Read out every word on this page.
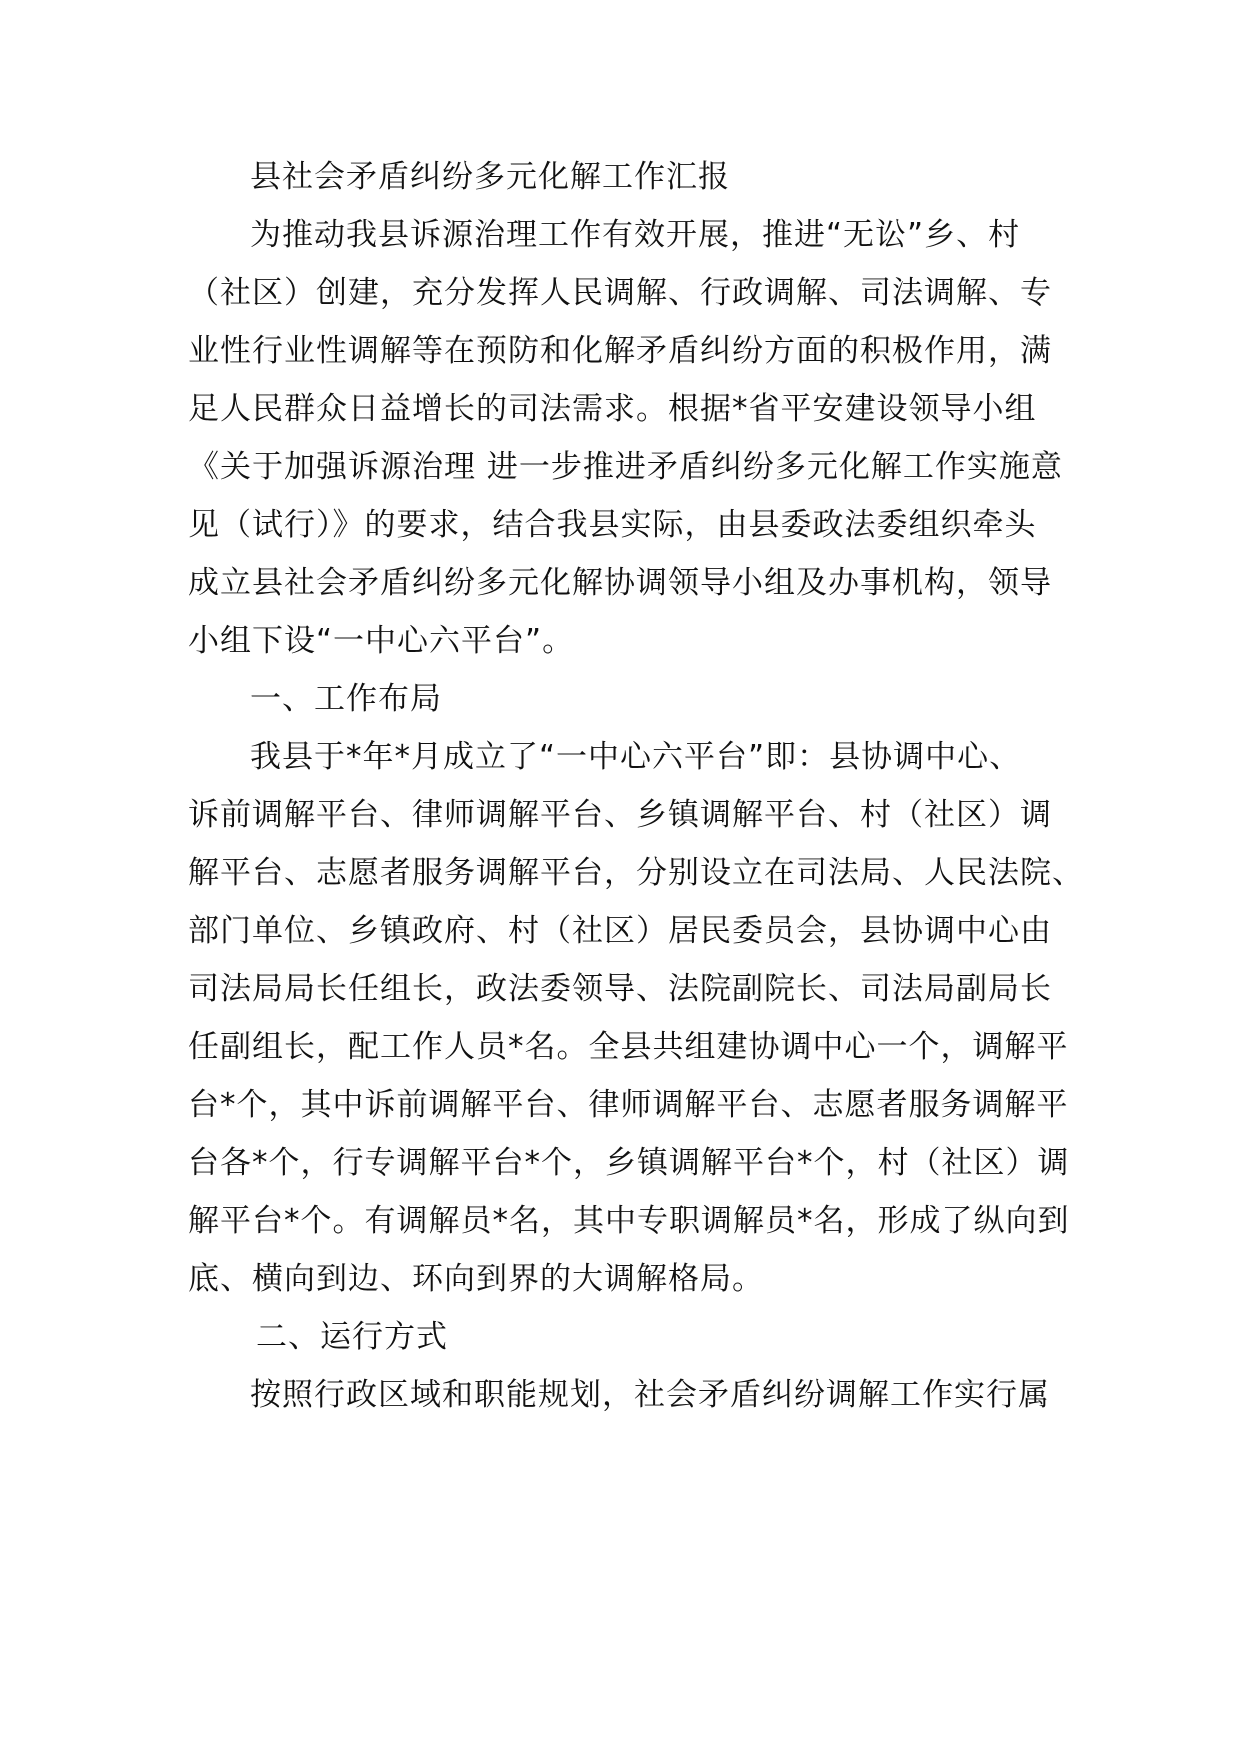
县社会矛盾纠纷多元化解工作汇报
为推动我县诉源治理工作有效开展，推进“无讼”乡、村
（社区）创建，充分发挥人民调解、行政调解、司法调解、专
业性行业性调解等在预防和化解矛盾纠纷方面的积极作用，满
足人民群众日益增长的司法需求。根据*省平安建设领导小组
《关于加强诉源治理 进一步推进矛盾纠纷多元化解工作实施意
见（试行）》的要求，结合我县实际，由县委政法委组织牵头
成立县社会矛盾纠纷多元化解协调领导小组及办事机构，领导
小组下设“一中心六平台”。
一、工作布局
我县于*年*月成立了“一中心六平台”即：县协调中心、
诉前调解平台、律师调解平台、乡镇调解平台、村（社区）调
解平台、志愿者服务调解平台，分别设立在司法局、人民法院、
部门单位、乡镇政府、村（社区）居民委员会，县协调中心由
司法局局长任组长，政法委领导、法院副院长、司法局副局长
任副组长，配工作人员*名。全县共组建协调中心一个，调解平
台*个，其中诉前调解平台、律师调解平台、志愿者服务调解平
台各*个，行专调解平台*个，乡镇调解平台*个，村（社区）调
解平台*个。有调解员*名，其中专职调解员*名，形成了纵向到
底、横向到边、环向到界的大调解格局。
二、运行方式
按照行政区域和职能规划，社会矛盾纠纷调解工作实行属
